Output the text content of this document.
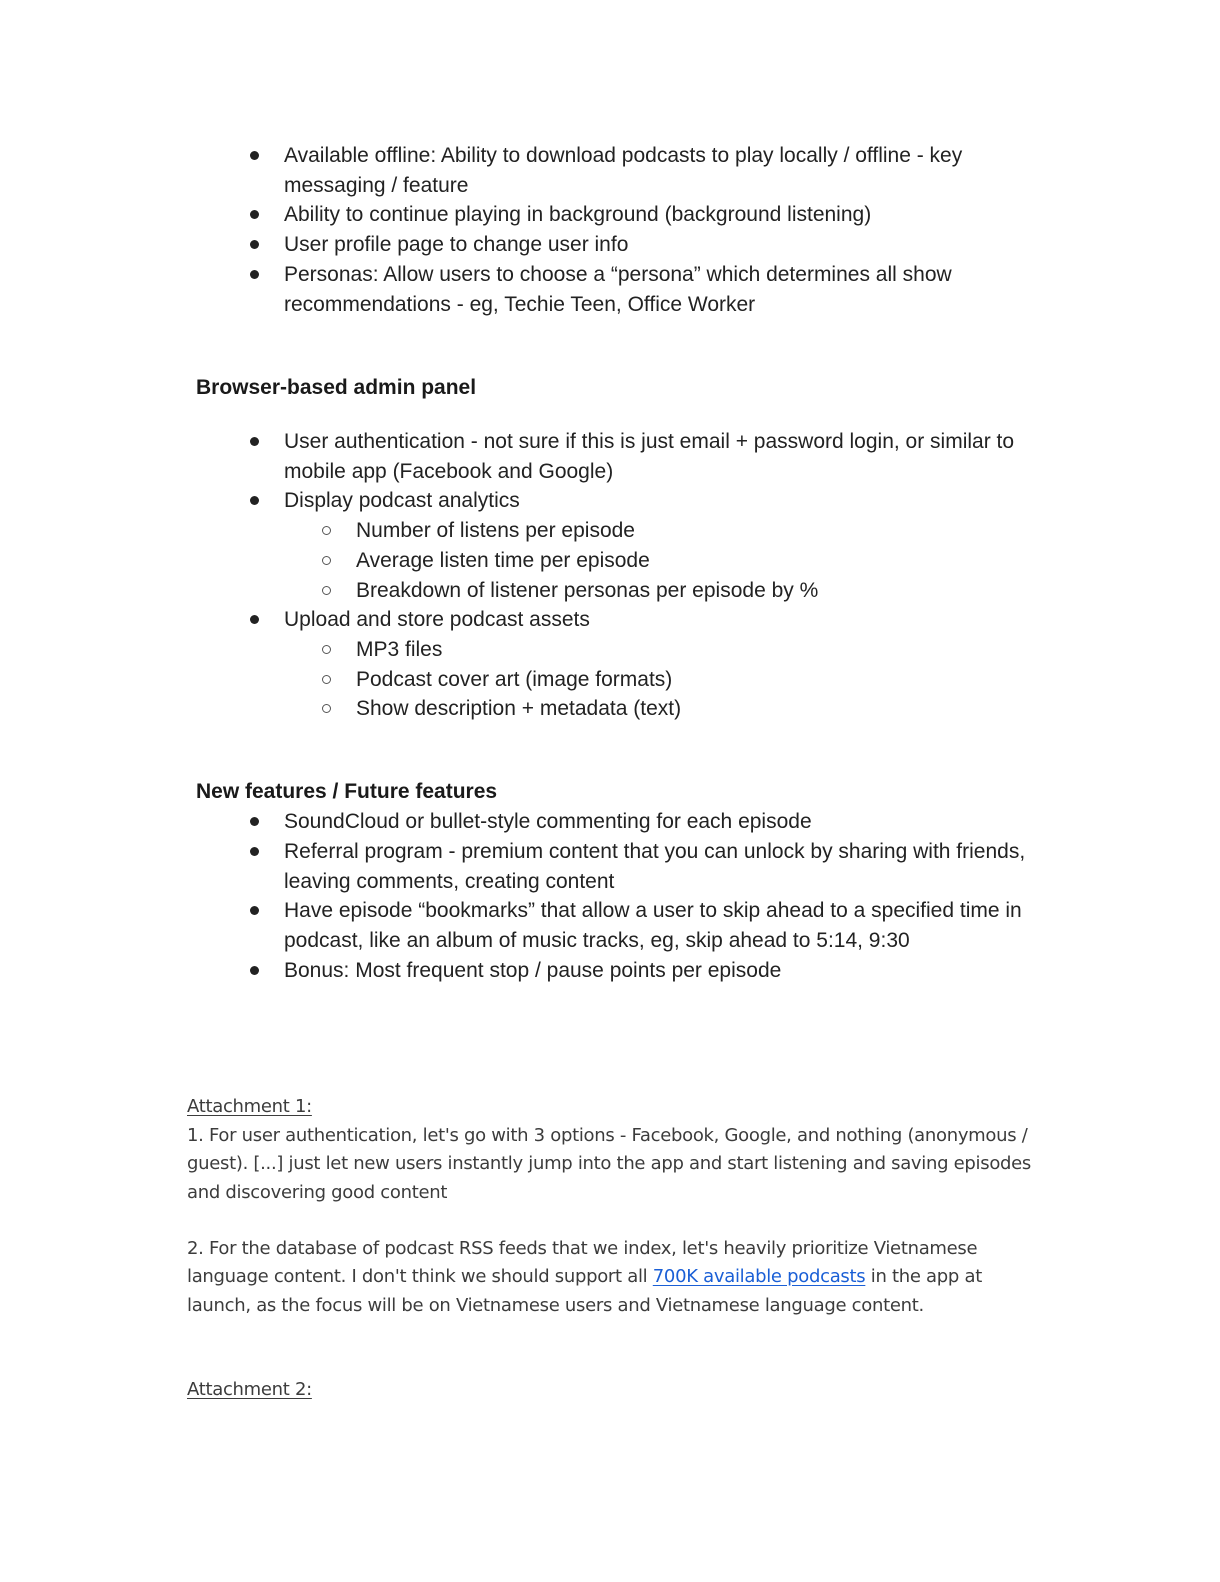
Available offline: Ability to download podcasts to play locally / offline - key
messaging / feature
Ability to continue playing in background (background listening)
User profile page to change user info
Personas: Allow users to choose a “persona” which determines all show
recommendations - eg, Techie Teen, Office Worker
Browser-based admin panel
User authentication - not sure if this is just email + password login, or similar to
mobile app (Facebook and Google)
Display podcast analytics
Number of listens per episode
Average listen time per episode
Breakdown of listener personas per episode by %
Upload and store podcast assets
MP3 files
Podcast cover art (image formats)
Show description + metadata (text)
New features / Future features
SoundCloud or bullet-style commenting for each episode
Referral program - premium content that you can unlock by sharing with friends,
leaving comments, creating content
Have episode “bookmarks” that allow a user to skip ahead to a specified time in
podcast, like an album of music tracks, eg, skip ahead to 5:14, 9:30
Bonus: Most frequent stop / pause points per episode
Attachment 1:
1. For user authentication, let's go with 3 options - Facebook, Google, and nothing (anonymous /
guest). [...] just let new users instantly jump into the app and start listening and saving episodes
and discovering good content
2. For the database of podcast RSS feeds that we index, let's heavily prioritize Vietnamese
language content. I don't think we should support all 700K available podcasts in the app at
launch, as the focus will be on Vietnamese users and Vietnamese language content.
Attachment 2:
